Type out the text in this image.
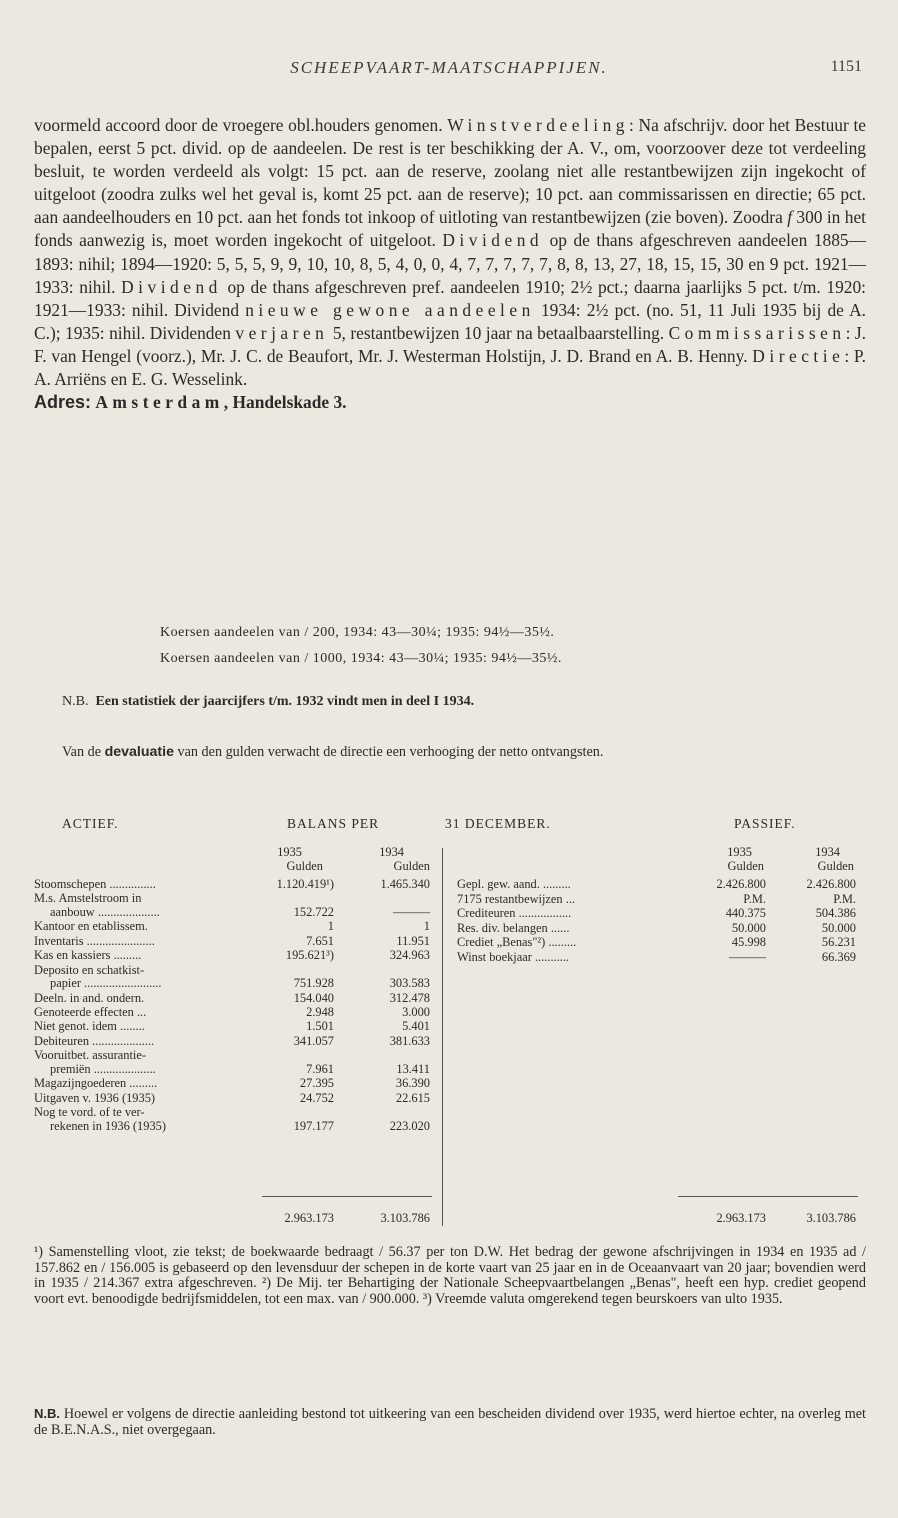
SCHEEPVAART-MAATSCHAPPIJEN.	1151

voormeld accoord door de vroegere obl.houders genomen. Winstverdeeling: Na afschrijv. door het Bestuur te bepalen, eerst 5 pct. divid. op de aandeelen. De rest is ter beschikking der A. V., om, voorzoover deze tot verdeeling besluit, te worden verdeeld als volgt: 15 pct. aan de reserve, zoolang niet alle restantbewijzen zijn ingekocht of uitgeloot (zoodra zulks wel het geval is, komt 25 pct. aan de reserve); 10 pct. aan commissarissen en directie; 65 pct. aan aandeelhouders en 10 pct. aan het fonds tot inkoop of uitloting van restantbewijzen (zie boven). Zoodra f 300 in het fonds aanwezig is, moet worden ingekocht of uitgeloot. Dividend op de thans afgeschreven aandeelen 1885—1893: nihil; 1894—1920: 5, 5, 5, 9, 9, 10, 10, 8, 5, 4, 0, 0, 4, 7, 7, 7, 7, 7, 8, 8, 13, 27, 18, 15, 15, 30 en 9 pct. 1921—1933: nihil. Dividend op de thans afgeschreven pref. aandeelen 1910; 2½ pct.; daarna jaarlijks 5 pct. t/m. 1920: 1921—1933: nihil. Dividend nieuwe gewone aandeelen 1934: 2½ pct. (no. 51, 11 Juli 1935 bij de A. C.); 1935: nihil. Dividenden verjaren 5, restantbewijzen 10 jaar na betaalbaarstelling. Commissarissen: J. F. van Hengel (voorz.), Mr. J. C. de Beaufort, Mr. J. Westerman Holstijn, J. D. Brand en A. B. Henny. Directie: P. A. Arriëns en E. G. Wesselink.

Adres: Amsterdam, Handelskade 3.

Koersen aandeelen van / 200, 1934: 43—30¼; 1935: 94½—35½.
Koersen aandeelen van / 1000, 1934: 43—30¼; 1935: 94½—35½.
N.B. Een statistiek der jaarcijfers t/m. 1932 vindt men in deel I 1934.
Van de devaluatie van den gulden verwacht de directie een verhooging der netto ontvangsten.
ACTIEF.	BALANS PER	31 DECEMBER.	PASSIEF.
1935	1934
Gulden	Gulden
1935	1934
Gulden	Gulden
Stoomschepen ...............	1.120.419¹)	1.465.340
M.s. Amstelstroom in
aanbouw ....................	152.722	———
Kantoor en etablissem.	1	1
Inventaris ......................	7.651	11.951
Kas en kassiers .........	195.621³)	324.963
Deposito en schatkist-
papier .........................	751.928	303.583
Deeln. in and. ondern.	154.040	312.478
Genoteerde effecten ...	2.948	3.000
Niet genot. idem ........	1.501	5.401
Debiteuren ....................	341.057	381.633
Vooruitbet. assurantie-
premiën ....................	7.961	13.411
Magazijngoederen .........	27.395	36.390
Uitgaven v. 1936 (1935)	24.752	22.615
Nog te vord. of te ver-
rekenen in 1936 (1935)	197.177	223.020
Gepl. gew. aand. .........	2.426.800	2.426.800
7175 restantbewijzen ...	P.M.	P.M.
Crediteuren .................	440.375	504.386
Res. div. belangen ......	50.000	50.000
Crediet „Benas"²) .........	45.998	56.231
Winst boekjaar ...........	———	66.369
2.963.173	3.103.786	2.963.173	3.103.786
¹) Samenstelling vloot, zie tekst; de boekwaarde bedraagt / 56.37 per ton D.W. Het bedrag der gewone afschrijvingen in 1934 en 1935 ad / 157.862 en / 156.005 is gebaseerd op den levensduur der schepen in de korte vaart van 25 jaar en in de Oceaanvaart van 20 jaar; bovendien werd in 1935 / 214.367 extra afgeschreven. ²) De Mij. ter Behartiging der Nationale Scheepvaartbelangen „Benas", heeft een hyp. crediet geopend voort evt. benoodigde bedrijfsmiddelen, tot een max. van / 900.000. ³) Vreemde valuta omgerekend tegen beurskoers van ulto 1935.
N.B. Hoewel er volgens de directie aanleiding bestond tot uitkeering van een bescheiden dividend over 1935, werd hiertoe echter, na overleg met de B.E.N.A.S., niet overgegaan.
